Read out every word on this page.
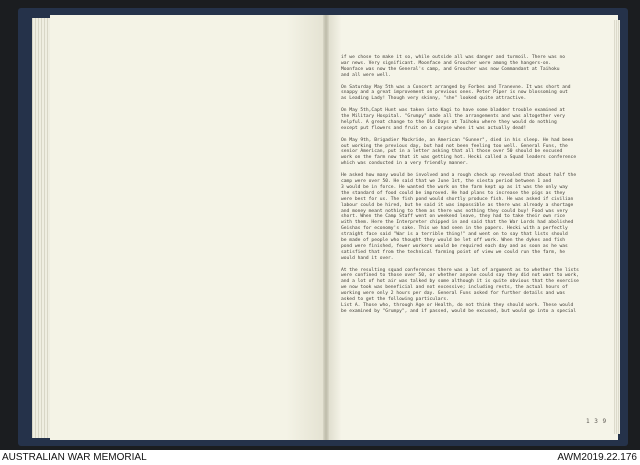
if we chose to make it so, while outside all was danger and turmoil. There was no
war news. Very significant. Moonface and Groucher were among the hangers-on.
Moonface was now the General's camp, and Groucher was now Commandant at Taihoku
and all were well.
On Saturday May 5th was a Concert arranged by Forbes and Tranevne. It was short and
snappy and a great improvement on previous ones. Peter Piper is now blossoming out
as Leading Lady! Though very skinny, "she" looked quite attractive.
On May 5th,Capt Hunt was taken into Kagi to have some bladder trouble examined at
the Military Hospital. "Grumpy" made all the arrangements and was altogether very
helpful. A great change to the Old Days at Taihoku where they would do nothing
except put flowers and fruit on a corpse when it was actually dead!
On May 9th, Brigadier Mackride, an American "Gunner", died in his sleep. He had been
out working the previous day, but had not been feeling too well. General Funs, the
senior American, put in a letter asking that all those over 50 should be excused
work on the farm now that it was getting hot. Hecki called a Squad leaders conference
which was conducted in a very friendly manner.
He asked how many would be involved and a rough check up revealed that about half the
camp were over 50. He said that we June 1st, the siesta period between 1 and
3 would be in force. He wanted the work on the farm kept up as it was the only way
the standard of food could be improved. He had plans to increase the pigs as they
were best for us. The fish pond would shortly produce fish. He was asked if civilian
labour could be hired, but he said it was impossible as there was already a shortage
and money meant nothing to them as there was nothing they could buy! Food was very
short. When the Camp Staff went on weekend leave, they had to take their own rice
with them. Here the Interpreter chipped in and said that the War Lords had abolished
Geishas for economy's sake. This we had seen in the papers. Hecki with a perfectly
straight face said "War is a terrible thing!" and went on to say that lists should
be made of people who thought they would be let off work. When the dykes and fish
pond were finished, fewer workers would be required each day and as soon as he was
satisfied that from the technical farming point of view we could run the farm, he
would hand it over.
At the resulting squad conferences there was a lot of argument as to whether the lists
were confined to those over 50, or whether anyone could say they did not want to work,
and a lot of hot air was talked by some although it is quite obvious that the exercise
we now took was beneficial and not excessive; including rests, the actual hours of
working were only 2 hours per day. General Funs asked for further details and was
asked to get the following particulars.
List A. Those who, through Age or Health, do not think they should work. These would
be examined by "Grumpy", and if passed, would be excused, but would go into a special
1 3 9
AUSTRALIAN WAR MEMORIAL	AWM2019.22.176
